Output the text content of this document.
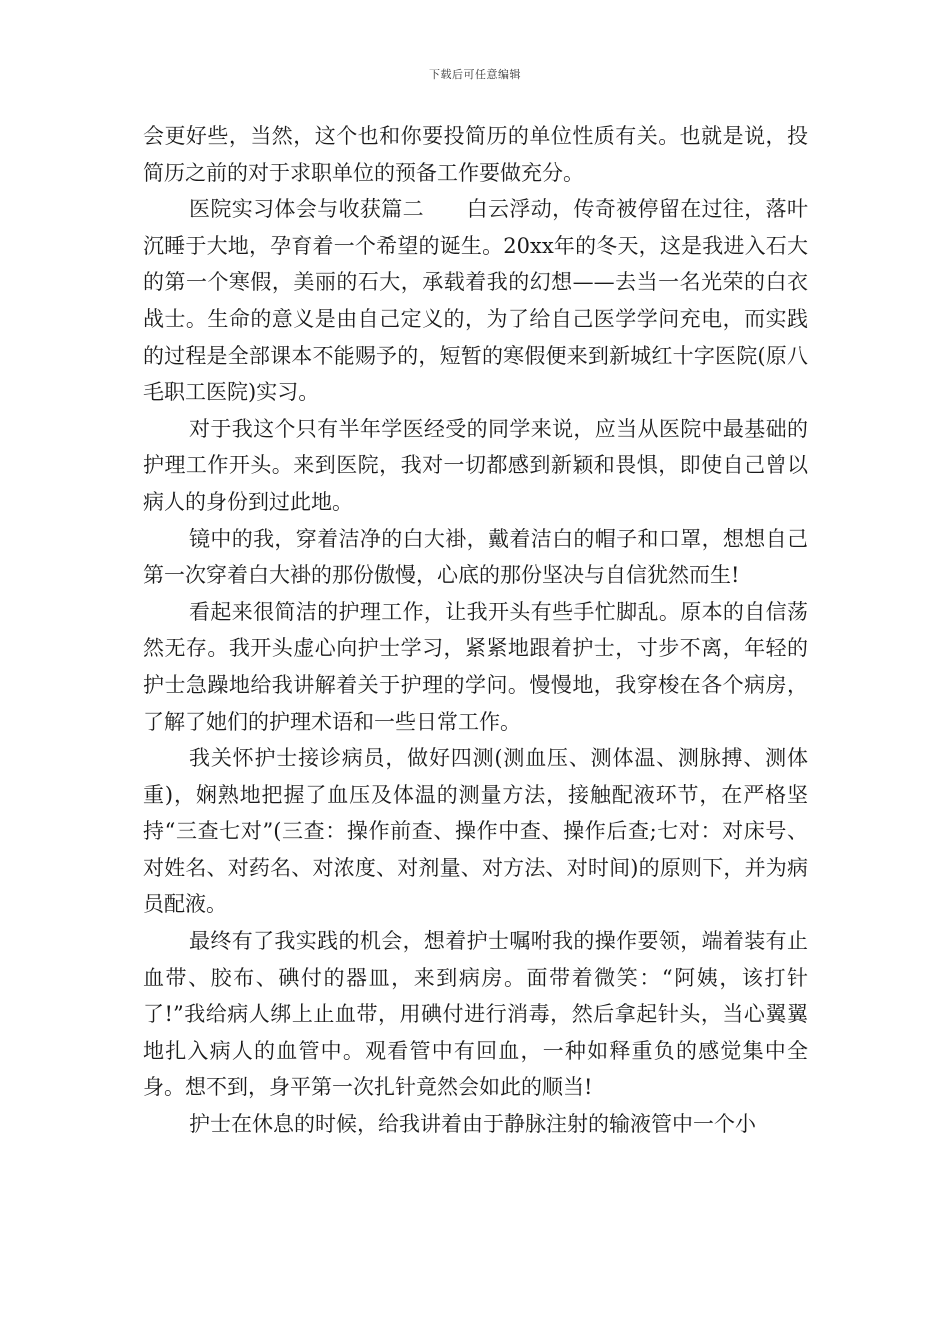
下载后可任意编辑

会更好些，当然，这个也和你要投简历的单位性质有关。也就是说，投简历之前的对于求职单位的预备工作要做充分。

医院实习体会与收获篇二　　白云浮动，传奇被停留在过往，落叶沉睡于大地，孕育着一个希望的诞生。20xx年的冬天，这是我进入石大的第一个寒假，美丽的石大，承载着我的幻想——去当一名光荣的白衣战士。生命的意义是由自己定义的，为了给自己医学学问充电，而实践的过程是全部课本不能赐予的，短暂的寒假便来到新城红十字医院(原八毛职工医院)实习。

对于我这个只有半年学医经受的同学来说，应当从医院中最基础的护理工作开头。来到医院，我对一切都感到新颖和畏惧，即使自己曾以病人的身份到过此地。

镜中的我，穿着洁净的白大褂，戴着洁白的帽子和口罩，想想自己第一次穿着白大褂的那份傲慢，心底的那份坚决与自信犹然而生!

看起来很简洁的护理工作，让我开头有些手忙脚乱。原本的自信荡然无存。我开头虚心向护士学习，紧紧地跟着护士，寸步不离，年轻的护士急躁地给我讲解着关于护理的学问。慢慢地，我穿梭在各个病房，了解了她们的护理术语和一些日常工作。

我关怀护士接诊病员，做好四测(测血压、测体温、测脉搏、测体重)，娴熟地把握了血压及体温的测量方法，接触配液环节，在严格坚持“三查七对”(三查：操作前查、操作中查、操作后查;七对：对床号、对姓名、对药名、对浓度、对剂量、对方法、对时间)的原则下，并为病员配液。

最终有了我实践的机会，想着护士嘱咐我的操作要领，端着装有止血带、胶布、碘付的器皿，来到病房。面带着微笑：“阿姨，该打针了!”我给病人绑上止血带，用碘付进行消毒，然后拿起针头，当心翼翼地扎入病人的血管中。观看管中有回血，一种如释重负的感觉集中全身。想不到，身平第一次扎针竟然会如此的顺当!

护士在休息的时候，给我讲着由于静脉注射的输液管中一个小
